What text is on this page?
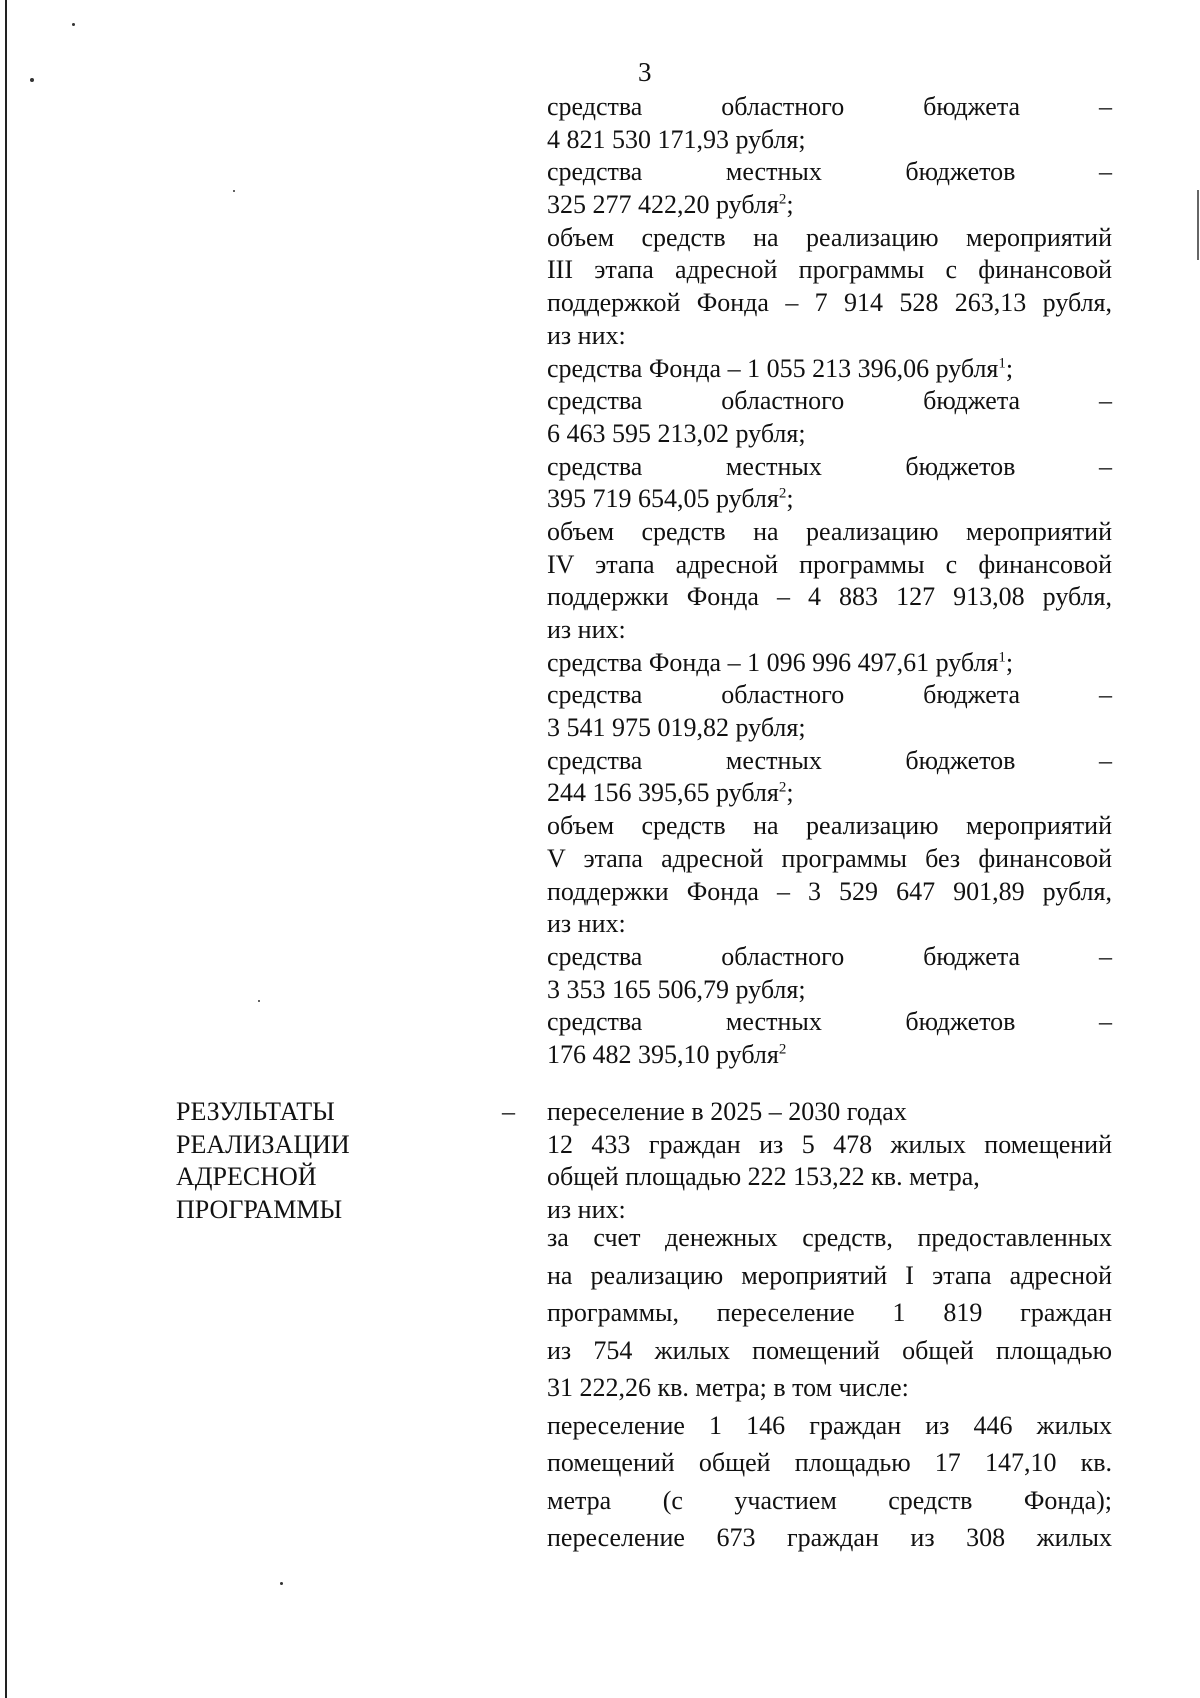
3
средства областного бюджета –
4 821 530 171,93 рубля;
средства местных бюджетов –
325 277 422,20 рубля$^2$;
объем средств на реализацию мероприятий
III этапа адресной программы с финансовой
поддержкой Фонда – 7 914 528 263,13 рубля,
из них:
средства Фонда – 1 055 213 396,06 рубля$^1$;
средства областного бюджета –
6 463 595 213,02 рубля;
средства местных бюджетов –
395 719 654,05 рубля$^2$;
объем средств на реализацию мероприятий
IV этапа адресной программы с финансовой
поддержки Фонда – 4 883 127 913,08 рубля,
из них:
средства Фонда – 1 096 996 497,61 рубля$^1$;
средства областного бюджета –
3 541 975 019,82 рубля;
средства местных бюджетов –
244 156 395,65 рубля$^2$;
объем средств на реализацию мероприятий
V этапа адресной программы без финансовой
поддержки Фонда – 3 529 647 901,89 рубля,
из них:
средства областного бюджета –
3 353 165 506,79 рубля;
средства местных бюджетов –
176 482 395,10 рубля$^2$
РЕЗУЛЬТАТЫ
РЕАЛИЗАЦИИ
АДРЕСНОЙ
ПРОГРАММЫ
– переселение в 2025 – 2030 годах
12 433 граждан из 5 478 жилых помещений
общей площадью 222 153,22 кв. метра,
из них:
за счет денежных средств, предоставленных
на реализацию мероприятий I этапа адресной
программы, переселение 1 819 граждан
из 754 жилых помещений общей площадью
31 222,26 кв. метра; в том числе:
переселение 1 146 граждан из 446 жилых
помещений общей площадью 17 147,10 кв.
метра (с участием средств Фонда);
переселение 673 граждан из 308 жилых
